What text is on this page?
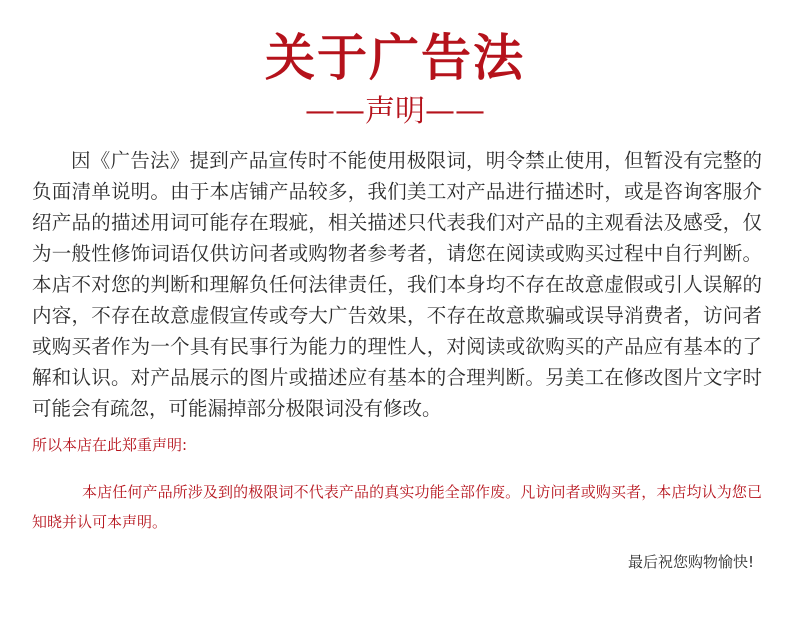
关于广告法
——声明——

因《广告法》提到产品宣传时不能使用极限词，明令禁止使用，但暂没有完整的负面清单说明。由于本店铺产品较多，我们美工对产品进行描述时，或是咨询客服介绍产品的描述用词可能存在瑕疵，相关描述只代表我们对产品的主观看法及感受，仅为一般性修饰词语仅供访问者或购物者参考者，请您在阅读或购买过程中自行判断。本店不对您的判断和理解负任何法律责任，我们本身均不存在故意虚假或引人误解的内容，不存在故意虚假宣传或夸大广告效果，不存在故意欺骗或误导消费者，访问者或购买者作为一个具有民事行为能力的理性人，对阅读或欲购买的产品应有基本的了解和认识。对产品展示的图片或描述应有基本的合理判断。另美工在修改图片文字时可能会有疏忽，可能漏掉部分极限词没有修改。

所以本店在此郑重声明:

本店任何产品所涉及到的极限词不代表产品的真实功能全部作废。凡访问者或购买者，本店均认为您已知晓并认可本声明。

最后祝您购物愉快!
